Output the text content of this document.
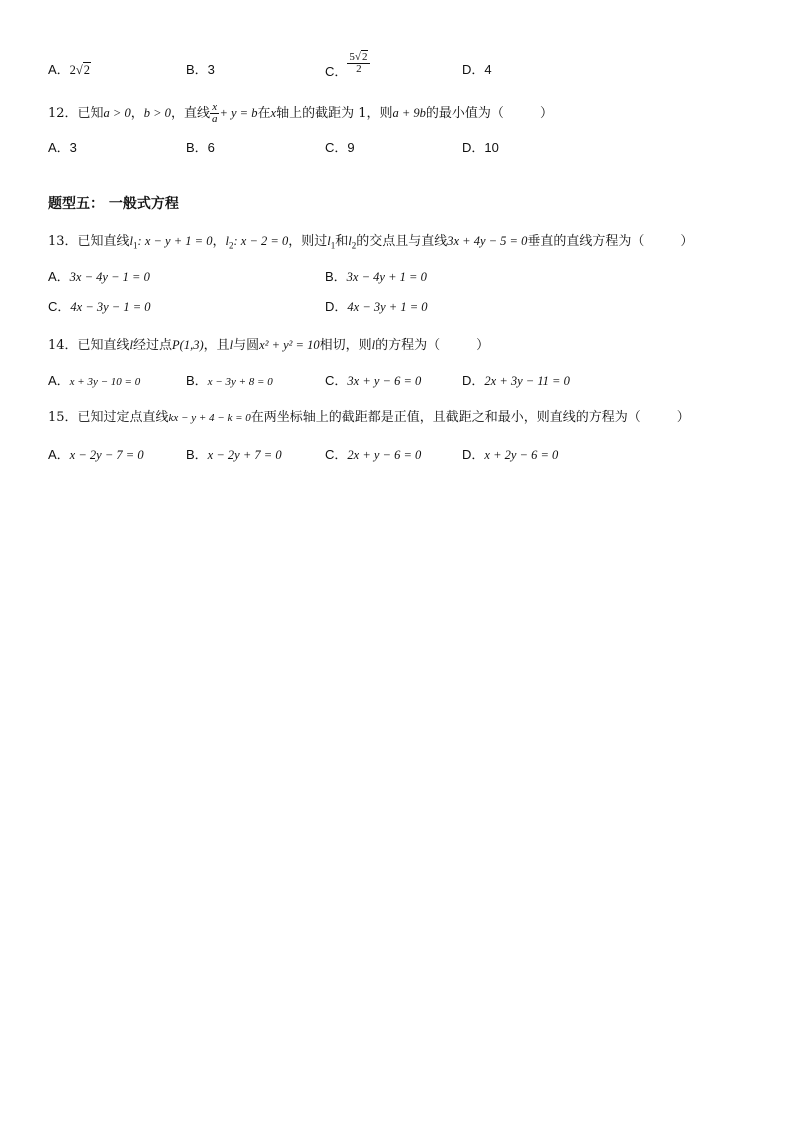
A．2√2	B．3	C． $\frac{5√2}{2}$	D．4
12．已知a > 0，b > 0，直线 $\frac{x}{a} + y = b$在x轴上的截距为 1，则a + 9b的最小值为（	）
A．3	B．6	C．9	D．10
题型五： 一般式方程
13．已知直线$l_1$: x − y + 1 = 0，$l_2$: x − 2 = 0，则过$l_1$和$l_2$的交点且与直线3x + 4y − 5 = 0垂直的直线方程为（	）
A．3x − 4y − 1 = 0	B．3x − 4y + 1 = 0
C．4x − 3y − 1 = 0	D．4x − 3y + 1 = 0
14．已知直线l经过点P(1,3)，且l与圆x² + y² = 10相切，则l的方程为（	）
A．x + 3y − 10 = 0	B．x − 3y + 8 = 0	C．3x + y − 6 = 0	D．2x + 3y − 11 = 0
15．已知过定点直线kx − y + 4 − k = 0在两坐标轴上的截距都是正值，且截距之和最小，则直线的方程为（	）
A．x − 2y − 7 = 0	B．x − 2y + 7 = 0	C．2x + y − 6 = 0	D．x + 2y − 6 = 0
